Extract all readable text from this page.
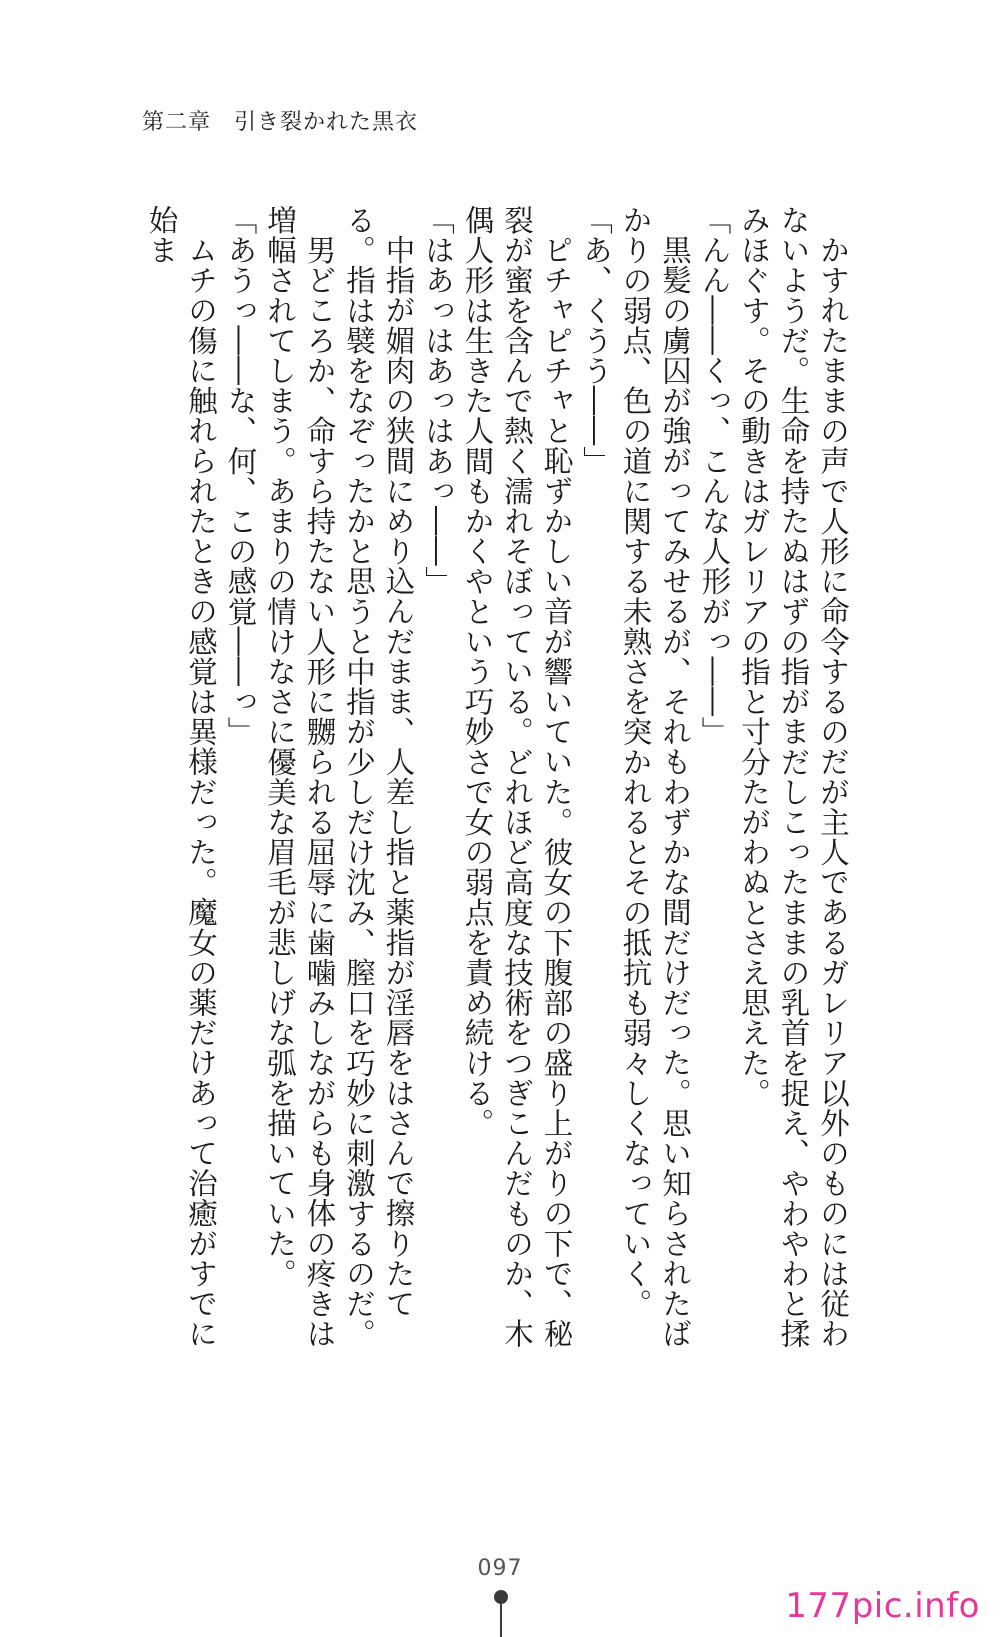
第二章　引き裂かれた黒衣

かすれたままの声で人形に命令するのだが主人であるガレリア以外のものには従わないようだ。生命を持たぬはずの指がまだしこったままの乳首を捉え、やわやわと揉みほぐす。その動きはガレリアの指と寸分たがわぬとさえ思えた。

「んん――くっ、こんな人形がっ――」

黒髪の虜囚が強がってみせるが、それもわずかな間だけだった。思い知らされたばかりの弱点、色の道に関する未熟さを突かれるとその抵抗も弱々しくなっていく。

「あ、くうう――」

ピチャピチャと恥ずかしい音が響いていた。彼女の下腹部の盛り上がりの下で、秘裂が蜜を含んで熱く濡れそぼっている。どれほど高度な技術をつぎこんだものか、木偶人形は生きた人間もかくやという巧妙さで女の弱点を責め続ける。

「はあっはあっはあっ――」

中指が媚肉の狭間にめり込んだまま、人差し指と薬指が淫唇をはさんで擦りたてる。指は襞をなぞったかと思うと中指が少しだけ沈み、膣口を巧妙に刺激するのだ。

男どころか、命すら持たない人形に嬲られる屈辱に歯噛みしながらも身体の疼きは増幅されてしまう。あまりの情けなさに優美な眉毛が悲しげな弧を描いていた。

「あうっ――な、何、この感覚――っ」

ムチの傷に触れられたときの感覚は異様だった。魔女の薬だけあって治癒がすでに始ま

097
177pic.info
